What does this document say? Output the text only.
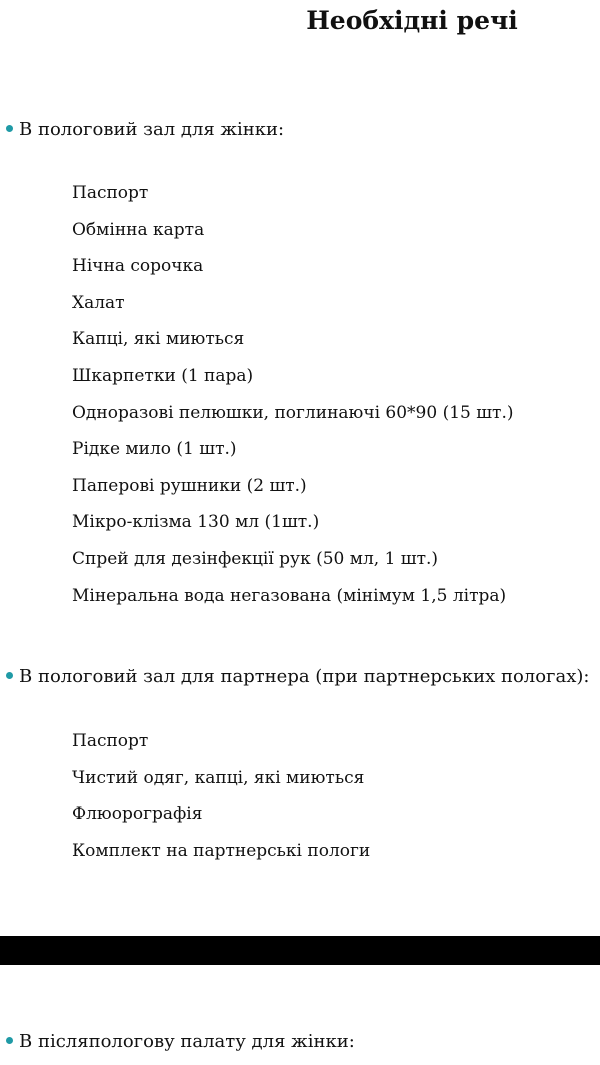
Необхідні речі
В пологовий зал для жінки:
Паспорт
Обмінна карта
Нічна сорочка
Халат
Капці, які миються
Шкарпетки (1 пара)
Одноразові пелюшки, поглинаючі 60*90 (15 шт.)
Рідке мило (1 шт.)
Паперові рушники (2 шт.)
Мікро-клізма 130 мл (1шт.)
Спрей для дезінфекції рук (50 мл, 1 шт.)
Мінеральна вода негазована (мінімум 1,5 літра)
В пологовий зал для партнера (при партнерських пологах):
Паспорт
Чистий одяг, капці, які миються
Флюорографія
Комплект на партнерські пологи
В післяпологову палату для жінки:
